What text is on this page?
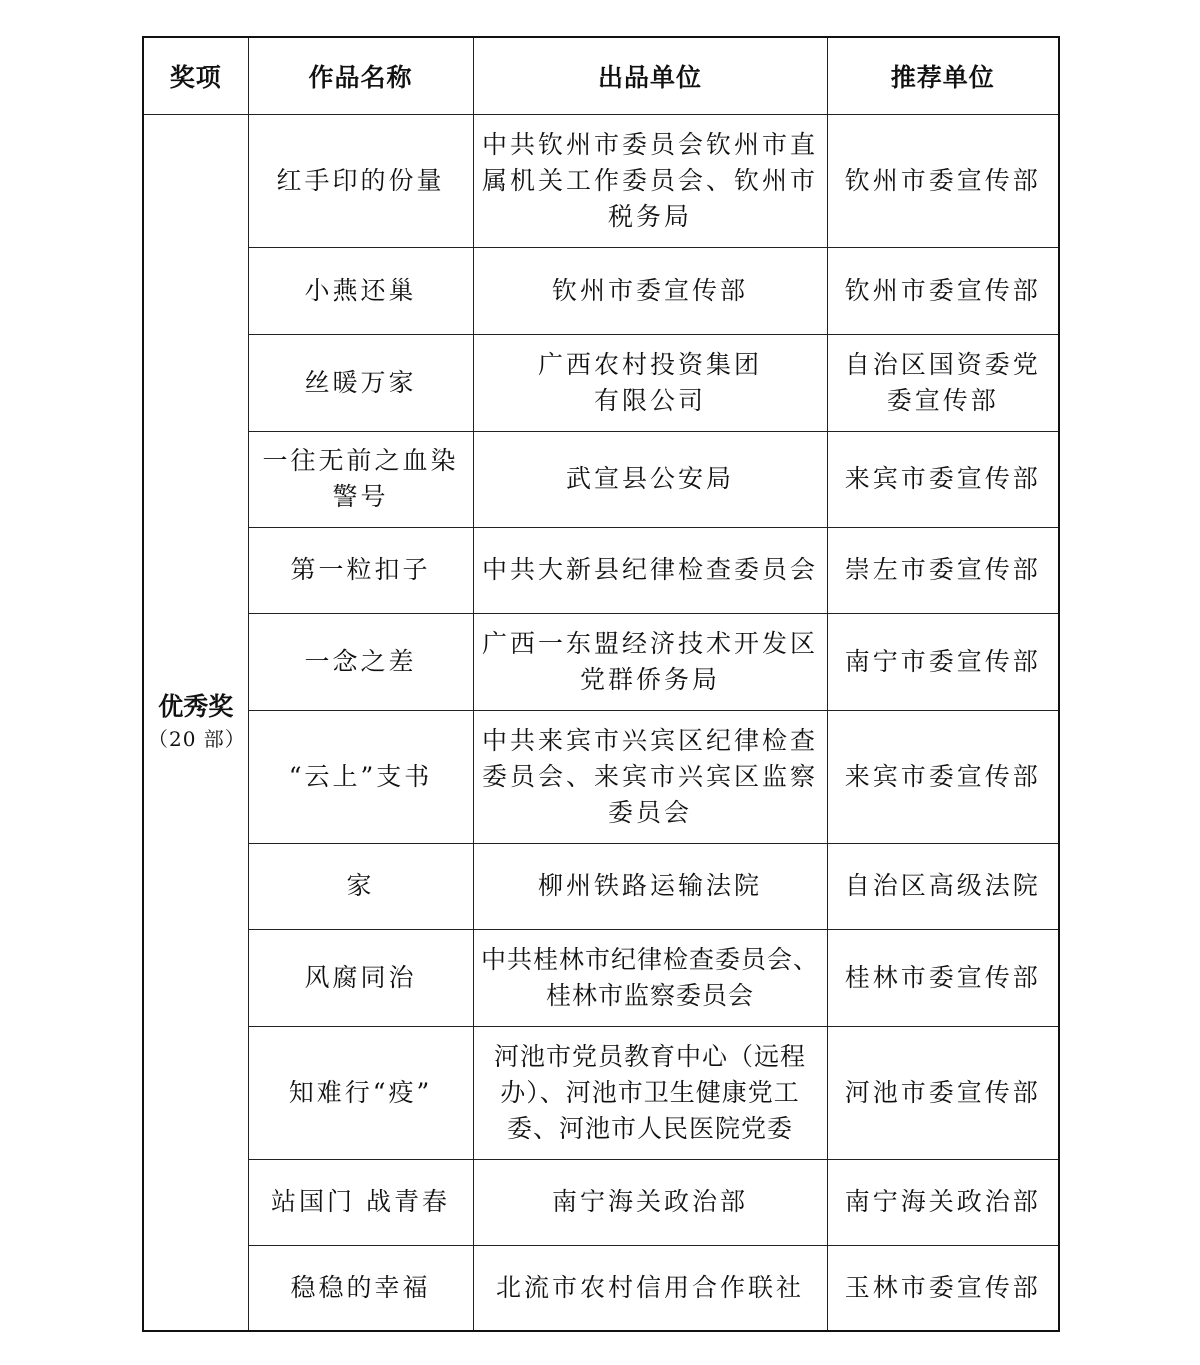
奖项	作品名称	出品单位	推荐单位

优秀奖
（20 部）	红手印的份量	中共钦州市委员会钦州市直属机关工作委员会、钦州市税务局	钦州市委宣传部
	小燕还巢	钦州市委宣传部	钦州市委宣传部
	丝暖万家	广西农村投资集团有限公司	自治区国资委党委宣传部
	一往无前之血染警号	武宣县公安局	来宾市委宣传部
	第一粒扣子	中共大新县纪律检查委员会	崇左市委宣传部
	一念之差	广西一东盟经济技术开发区党群侨务局	南宁市委宣传部
	“云上”支书	中共来宾市兴宾区纪律检查委员会、来宾市兴宾区监察委员会	来宾市委宣传部
	家	柳州铁路运输法院	自治区高级法院
	风腐同治	中共桂林市纪律检查委员会、桂林市监察委员会	桂林市委宣传部
	知难行“疫”	河池市党员教育中心（远程办）、河池市卫生健康党工委、河池市人民医院党委	河池市委宣传部
	站国门 战青春	南宁海关政治部	南宁海关政治部
	稳稳的幸福	北流市农村信用合作联社	玉林市委宣传部
